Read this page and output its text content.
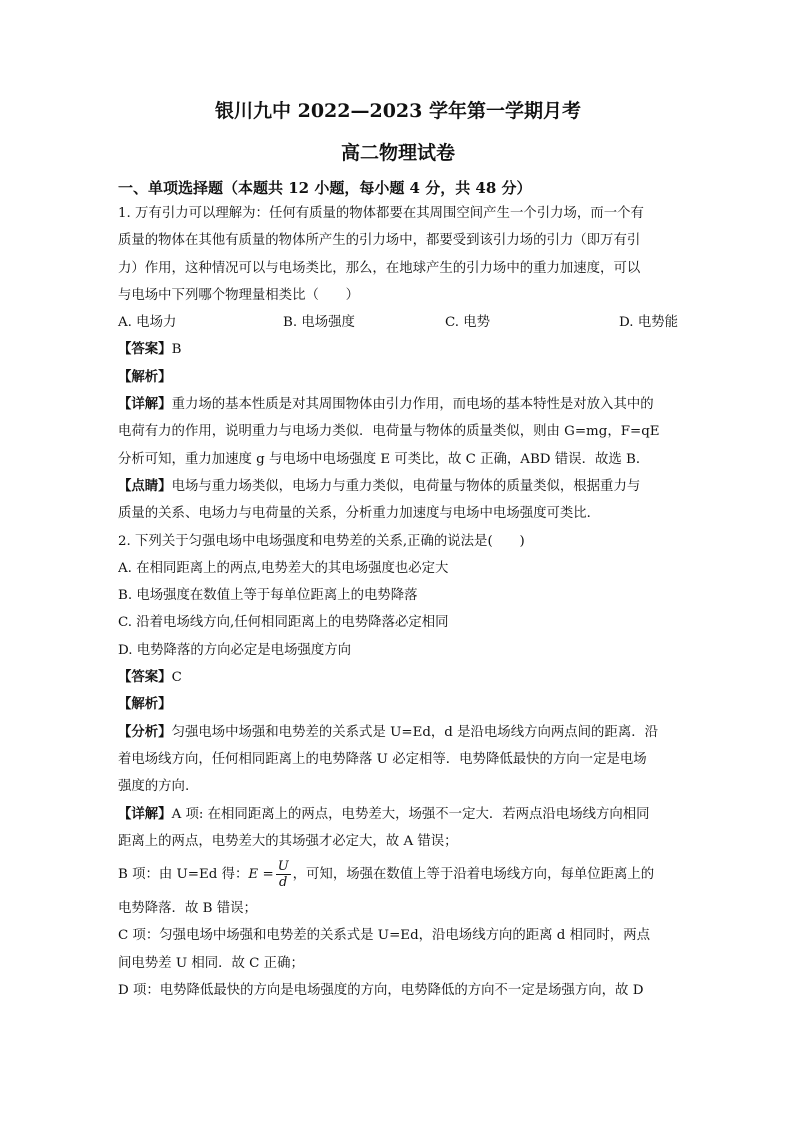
银川九中 2022—2023 学年第一学期月考
高二物理试卷
一、单项选择题（本题共 12 小题，每小题 4 分，共 48 分）
1. 万有引力可以理解为：任何有质量的物体都要在其周围空间产生一个引力场，而一个有
质量的物体在其他有质量的物体所产生的引力场中，都要受到该引力场的引力（即万有引
力）作用，这种情况可以与电场类比，那么，在地球产生的引力场中的重力加速度，可以
与电场中下列哪个物理量相类比（　　）
A. 电场力	B. 电场强度	C. 电势	D. 电势能
【答案】B
【解析】
【详解】重力场的基本性质是对其周围物体由引力作用，而电场的基本特性是对放入其中的
电荷有力的作用，说明重力与电场力类似．电荷量与物体的质量类似，则由 G=mg，F=qE
分析可知，重力加速度 g 与电场中电场强度 E 可类比，故 C 正确，ABD 错误．故选 B．
【点睛】电场与重力场类似，电场力与重力类似，电荷量与物体的质量类似，根据重力与
质量的关系、电场力与电荷量的关系，分析重力加速度与电场中电场强度可类比．
2. 下列关于匀强电场中电场强度和电势差的关系,正确的说法是(　　)
A. 在相同距离上的两点,电势差大的其电场强度也必定大
B. 电场强度在数值上等于每单位距离上的电势降落
C. 沿着电场线方向,任何相同距离上的电势降落必定相同
D. 电势降落的方向必定是电场强度方向
【答案】C
【解析】
【分析】匀强电场中场强和电势差的关系式是 U=Ed，d 是沿电场线方向两点间的距离．沿
着电场线方向，任何相同距离上的电势降落 U 必定相等．电势降低最快的方向一定是电场
强度的方向.
【详解】A 项: 在相同距离上的两点，电势差大，场强不一定大．若两点沿电场线方向相同
距离上的两点，电势差大的其场强才必定大，故 A 错误；
B 项：由 U=Ed 得：$E = \frac{U}{d}$ ，可知，场强在数值上等于沿着电场线方向，每单位距离上的
电势降落．故 B 错误；
C 项：匀强电场中场强和电势差的关系式是 U=Ed，沿电场线方向的距离 d 相同时，两点
间电势差 U 相同．故 C 正确；
D 项：电势降低最快的方向是电场强度的方向，电势降低的方向不一定是场强方向，故 D
